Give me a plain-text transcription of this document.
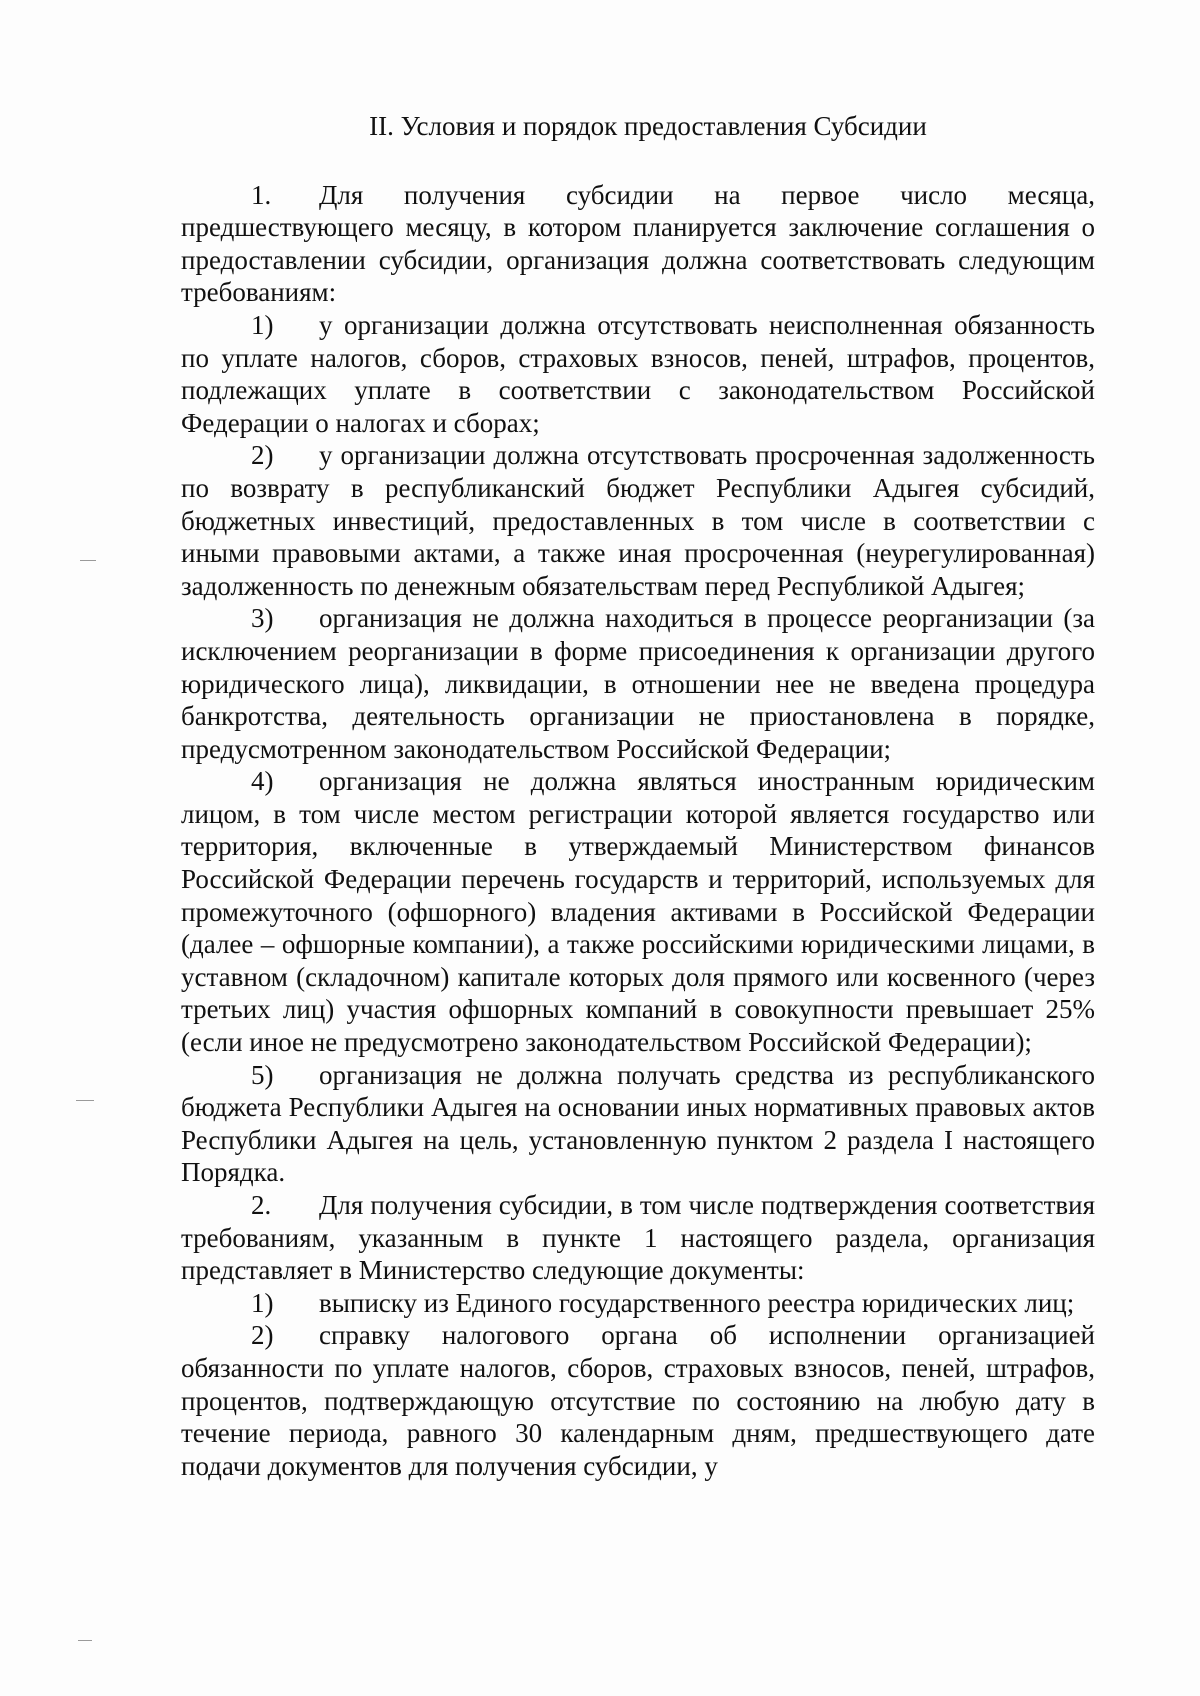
II. Условия и порядок предоставления Субсидии

1. Для получения субсидии на первое число месяца, предшествующего месяцу, в котором планируется заключение соглашения о предоставлении субсидии, организация должна соответствовать следующим требованиям:

1) у организации должна отсутствовать неисполненная обязанность по уплате налогов, сборов, страховых взносов, пеней, штрафов, процентов, подлежащих уплате в соответствии с законодательством Российской Федерации о налогах и сборах;

2) у организации должна отсутствовать просроченная задолженность по возврату в республиканский бюджет Республики Адыгея субсидий, бюджетных инвестиций, предоставленных в том числе в соответствии с иными правовыми актами, а также иная просроченная (неурегулированная) задолженность по денежным обязательствам перед Республикой Адыгея;

3) организация не должна находиться в процессе реорганизации (за исключением реорганизации в форме присоединения к организации другого юридического лица), ликвидации, в отношении нее не введена процедура банкротства, деятельность организации не приостановлена в порядке, предусмотренном законодательством Российской Федерации;

4) организация не должна являться иностранным юридическим лицом, в том числе местом регистрации которой является государство или территория, включенные в утверждаемый Министерством финансов Российской Федерации перечень государств и территорий, используемых для промежуточного (офшорного) владения активами в Российской Федерации (далее – офшорные компании), а также российскими юридическими лицами, в уставном (складочном) капитале которых доля прямого или косвенного (через третьих лиц) участия офшорных компаний в совокупности превышает 25% (если иное не предусмотрено законодательством Российской Федерации);

5) организация не должна получать средства из республиканского бюджета Республики Адыгея на основании иных нормативных правовых актов Республики Адыгея на цель, установленную пунктом 2 раздела I настоящего Порядка.

2. Для получения субсидии, в том числе подтверждения соответствия требованиям, указанным в пункте 1 настоящего раздела, организация представляет в Министерство следующие документы:

1) выписку из Единого государственного реестра юридических лиц;

2) справку налогового органа об исполнении организацией обязанности по уплате налогов, сборов, страховых взносов, пеней, штрафов, процентов, подтверждающую отсутствие по состоянию на любую дату в течение периода, равного 30 календарным дням, предшествующего дате подачи документов для получения субсидии, у
